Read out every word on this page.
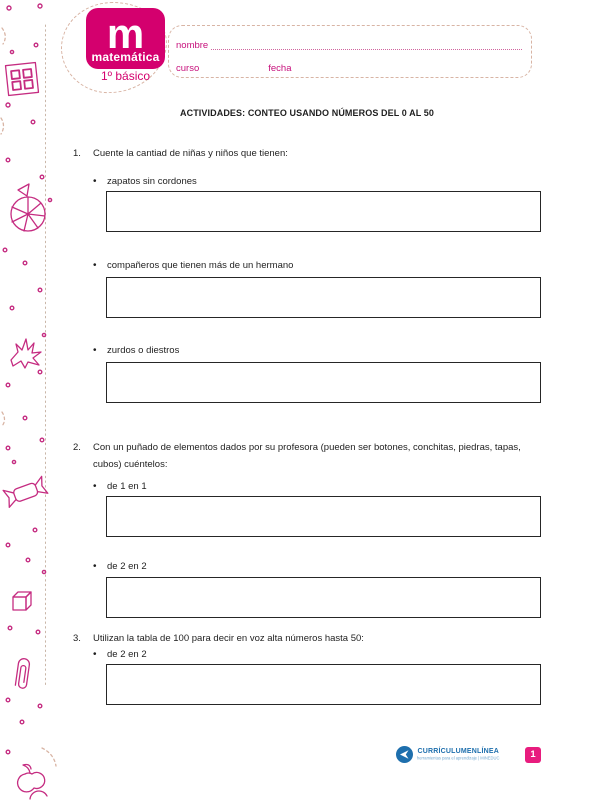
m
matemática
1º básico
nombre
curso	fecha
ACTIVIDADES: CONTEO USANDO NÚMEROS DEL 0 AL 50
1.	Cuente la cantiad de niñas y niños que tienen:
• zapatos sin cordones
• compañeros que tienen más de un hermano
• zurdos o diestros
2.	Con un puñado de elementos dados por su profesora (pueden ser botones, conchitas, piedras, tapas, cubos) cuéntelos:
• de 1 en 1
• de 2 en 2
3.	Utilizan la tabla de 100 para decir en voz alta números hasta 50:
• de 2 en 2
CURRÍCULUMENLÍNEA
herramientas para el aprendizaje | MINEDUC	1
